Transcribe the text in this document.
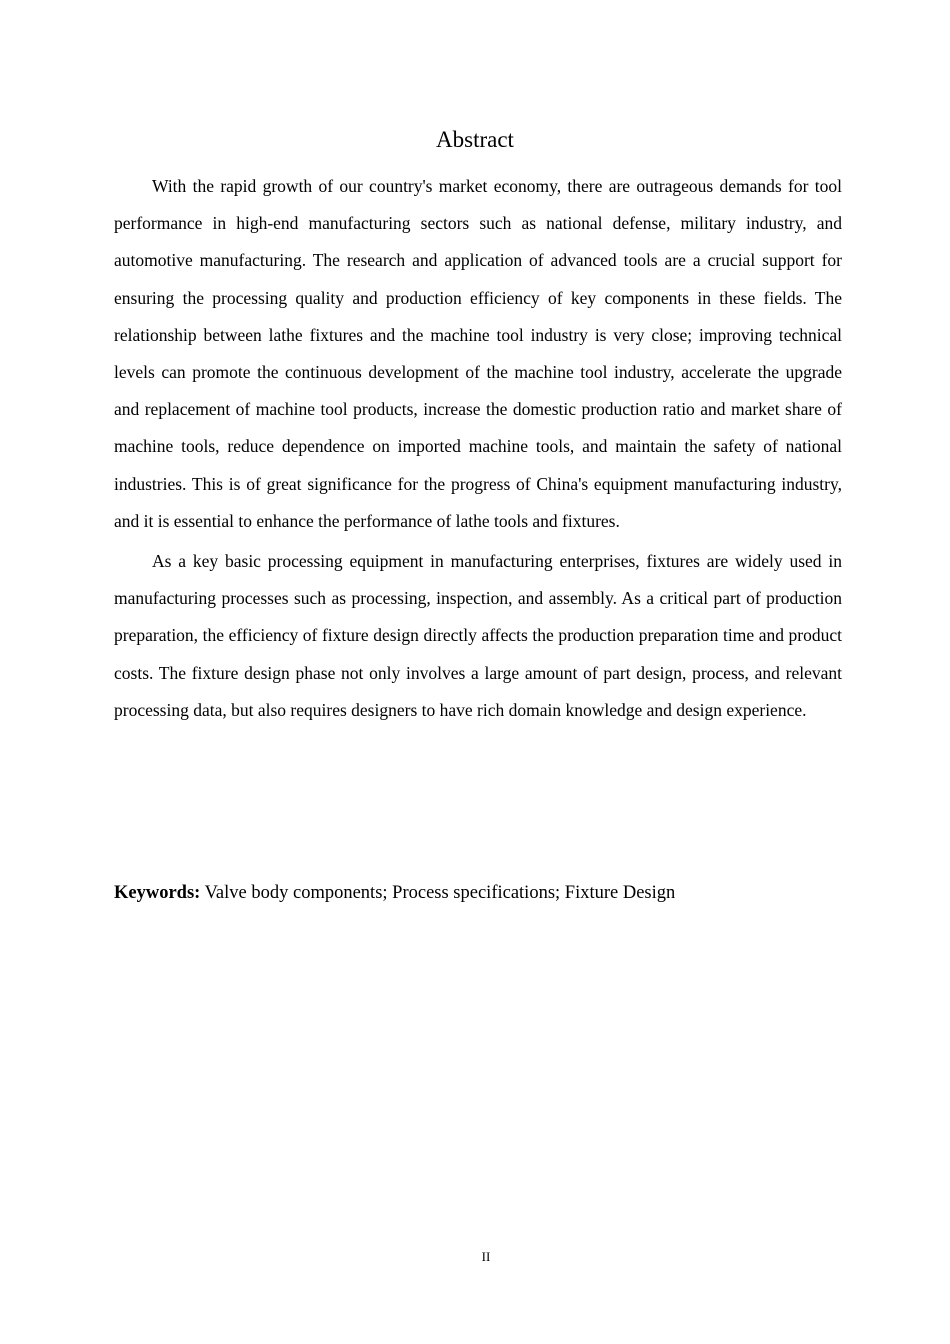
Abstract

With the rapid growth of our country's market economy, there are outrageous demands for tool performance in high-end manufacturing sectors such as national defense, military industry, and automotive manufacturing. The research and application of advanced tools are a crucial support for ensuring the processing quality and production efficiency of key components in these fields. The relationship between lathe fixtures and the machine tool industry is very close; improving technical levels can promote the continuous development of the machine tool industry, accelerate the upgrade and replacement of machine tool products, increase the domestic production ratio and market share of machine tools, reduce dependence on imported machine tools, and maintain the safety of national industries. This is of great significance for the progress of China's equipment manufacturing industry, and it is essential to enhance the performance of lathe tools and fixtures.

As a key basic processing equipment in manufacturing enterprises, fixtures are widely used in manufacturing processes such as processing, inspection, and assembly. As a critical part of production preparation, the efficiency of fixture design directly affects the production preparation time and product costs. The fixture design phase not only involves a large amount of part design, process, and relevant processing data, but also requires designers to have rich domain knowledge and design experience.

Keywords: Valve body components; Process specifications; Fixture Design

II
